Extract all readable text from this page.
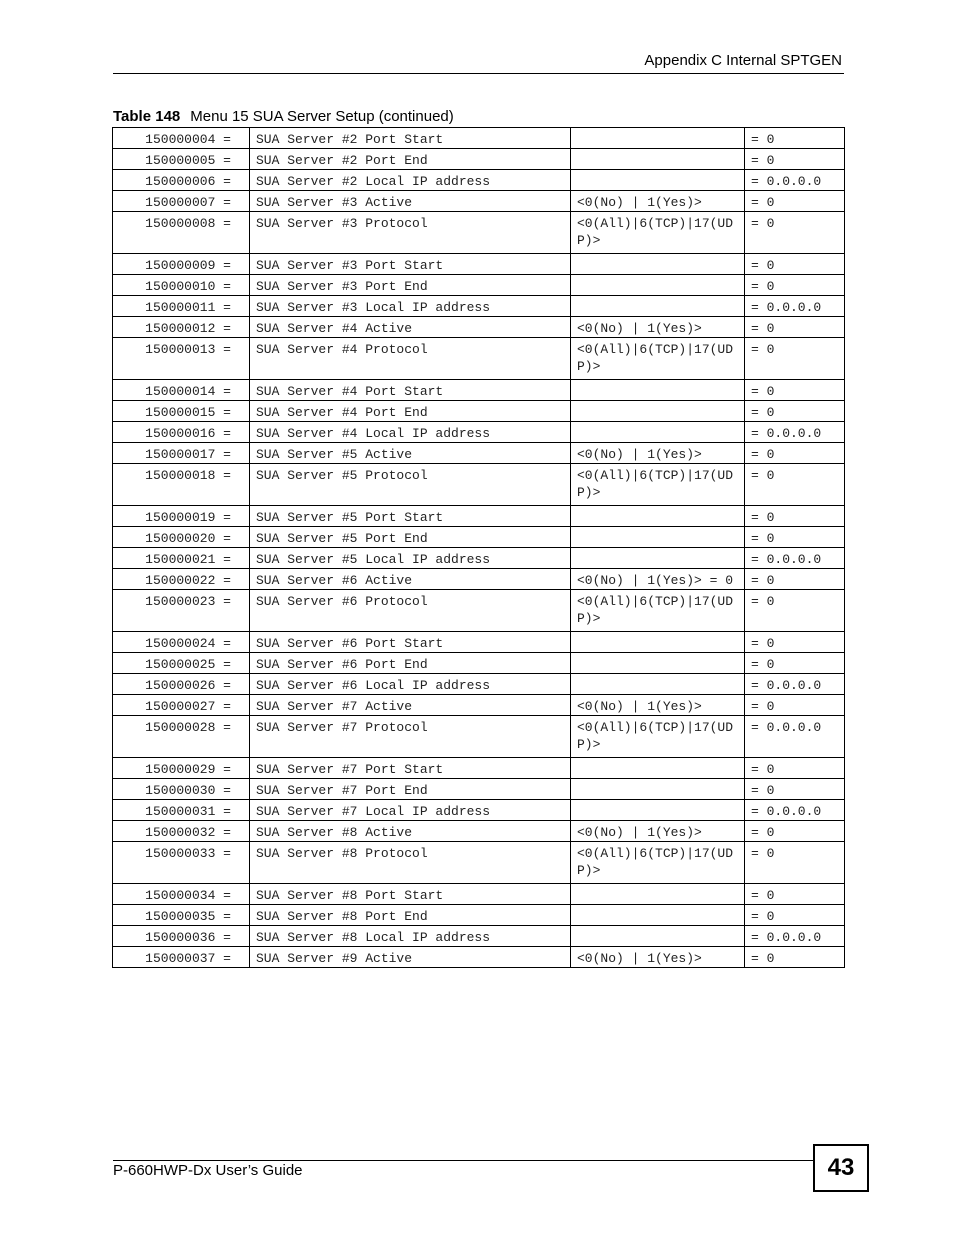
Appendix C Internal SPTGEN
Table 148 Menu 15 SUA Server Setup (continued)
150000004 =	SUA Server #2 Port Start		= 0
150000005 =	SUA Server #2 Port End		= 0
150000006 =	SUA Server #2 Local IP address		= 0.0.0.0
150000007 =	SUA Server #3 Active	<0(No) | 1(Yes)>	= 0
150000008 =	SUA Server #3 Protocol	<0(All)|6(TCP)|17(UDP)>	= 0
150000009 =	SUA Server #3 Port Start		= 0
150000010 =	SUA Server #3 Port End		= 0
150000011 =	SUA Server #3 Local IP address		= 0.0.0.0
150000012 =	SUA Server #4 Active	<0(No) | 1(Yes)>	= 0
150000013 =	SUA Server #4 Protocol	<0(All)|6(TCP)|17(UDP)>	= 0
150000014 =	SUA Server #4 Port Start		= 0
150000015 =	SUA Server #4 Port End		= 0
150000016 =	SUA Server #4 Local IP address		= 0.0.0.0
150000017 =	SUA Server #5 Active	<0(No) | 1(Yes)>	= 0
150000018 =	SUA Server #5 Protocol	<0(All)|6(TCP)|17(UDP)>	= 0
150000019 =	SUA Server #5 Port Start		= 0
150000020 =	SUA Server #5 Port End		= 0
150000021 =	SUA Server #5 Local IP address		= 0.0.0.0
150000022 =	SUA Server #6 Active	<0(No) | 1(Yes)> = 0	= 0
150000023 =	SUA Server #6 Protocol	<0(All)|6(TCP)|17(UDP)>	= 0
150000024 =	SUA Server #6 Port Start		= 0
150000025 =	SUA Server #6 Port End		= 0
150000026 =	SUA Server #6 Local IP address		= 0.0.0.0
150000027 =	SUA Server #7 Active	<0(No) | 1(Yes)>	= 0
150000028 =	SUA Server #7 Protocol	<0(All)|6(TCP)|17(UDP)>	= 0.0.0.0
150000029 =	SUA Server #7 Port Start		= 0
150000030 =	SUA Server #7 Port End		= 0
150000031 =	SUA Server #7 Local IP address		= 0.0.0.0
150000032 =	SUA Server #8 Active	<0(No) | 1(Yes)>	= 0
150000033 =	SUA Server #8 Protocol	<0(All)|6(TCP)|17(UDP)>	= 0
150000034 =	SUA Server #8 Port Start		= 0
150000035 =	SUA Server #8 Port End		= 0
150000036 =	SUA Server #8 Local IP address		= 0.0.0.0
150000037 =	SUA Server #9 Active	<0(No) | 1(Yes)>	= 0
P-660HWP-Dx User’s Guide	43
